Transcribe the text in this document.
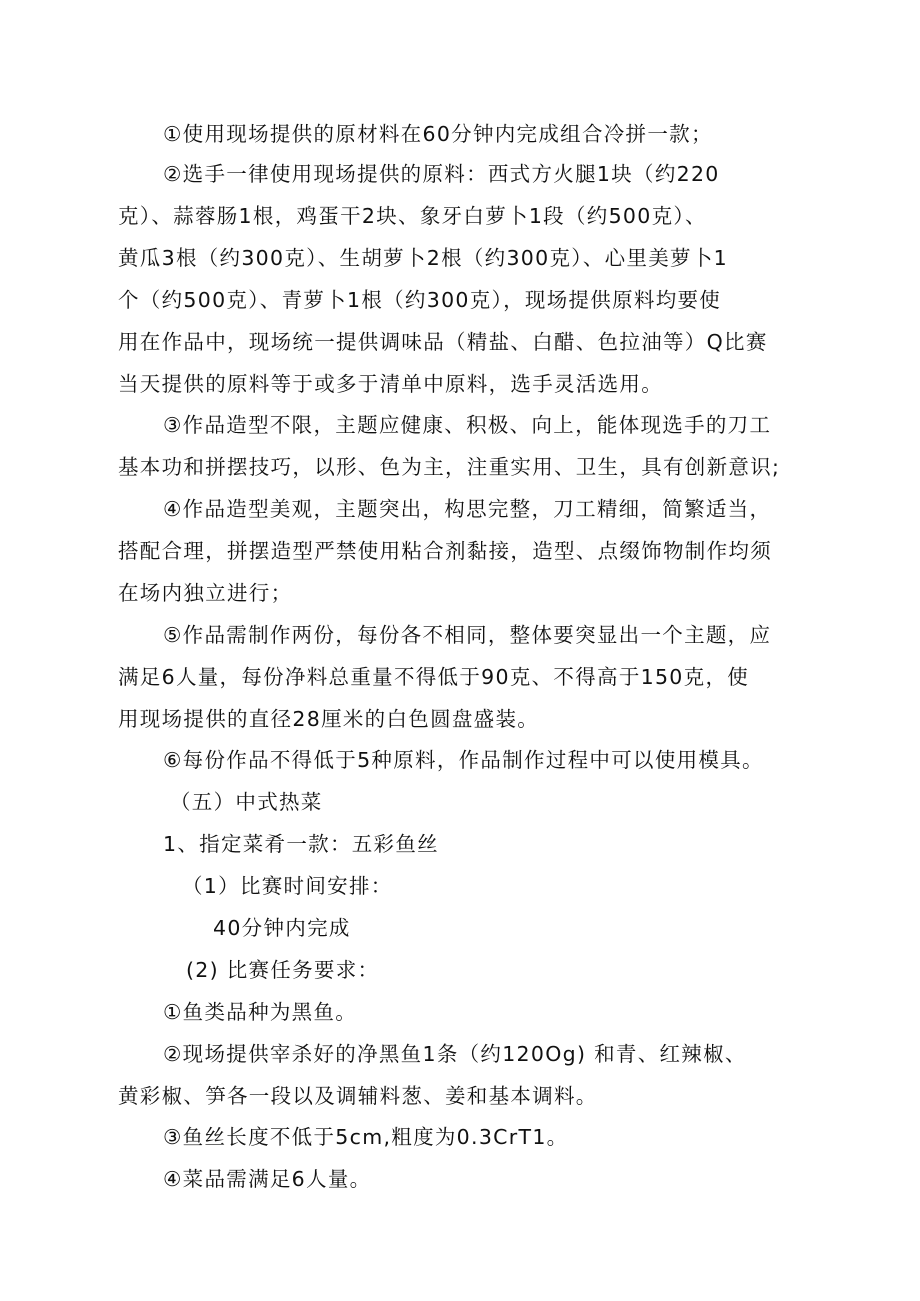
①使用现场提供的原材料在60分钟内完成组合冷拼一款；
②选手一律使用现场提供的原料：西式方火腿1块（约220
克）、蒜蓉肠1根，鸡蛋干2块、象牙白萝卜1段（约500克）、
黄瓜3根（约300克）、生胡萝卜2根（约300克）、心里美萝卜1
个（约500克）、青萝卜1根（约300克），现场提供原料均要使
用在作品中，现场统一提供调味品（精盐、白醋、色拉油等）Q比赛
当天提供的原料等于或多于清单中原料，选手灵活选用。
③作品造型不限，主题应健康、积极、向上，能体现选手的刀工
基本功和拼摆技巧，以形、色为主，注重实用、卫生，具有创新意识;
④作品造型美观，主题突出，构思完整，刀工精细，简繁适当，
搭配合理，拼摆造型严禁使用粘合剂黏接，造型、点缀饰物制作均须
在场内独立进行；
⑤作品需制作两份，每份各不相同，整体要突显出一个主题，应
满足6人量，每份净料总重量不得低于90克、不得高于150克，使
用现场提供的直径28厘米的白色圆盘盛装。
⑥每份作品不得低于5种原料，作品制作过程中可以使用模具。
（五）中式热菜
1、指定菜肴一款：五彩鱼丝
（1）比赛时间安排：
40分钟内完成
(2) 比赛任务要求：
①鱼类品种为黑鱼。
②现场提供宰杀好的净黑鱼1条（约120Og) 和青、红辣椒、
黄彩椒、笋各一段以及调辅料葱、姜和基本调料。
③鱼丝长度不低于5cm,粗度为0.3CrT1。
④菜品需满足6人量。
